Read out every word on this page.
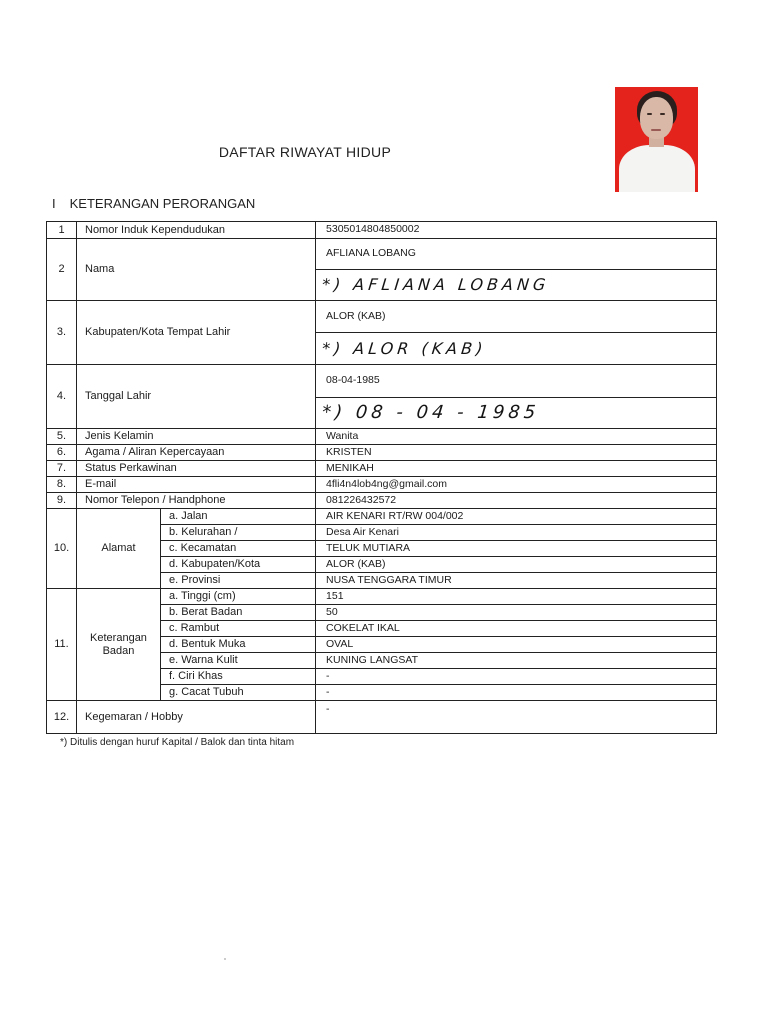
DAFTAR RIWAYAT HIDUP
I KETERANGAN PERORANGAN
1	Nomor Induk Kependudukan		5305014804850002
2	Nama		AFLIANA LOBANG
			*) AFLIANA LOBANG
3.	Kabupaten/Kota Tempat Lahir		ALOR (KAB)
			*) ALOR (KAB)
4.	Tanggal Lahir		08-04-1985
			*) 08 - 04 - 1985
5.	Jenis Kelamin		Wanita
6.	Agama / Aliran Kepercayaan		KRISTEN
7.	Status Perkawinan		MENIKAH
8.	E-mail		4fli4n4lob4ng@gmail.com
9.	Nomor Telepon / Handphone		081226432572
10.	Alamat	a. Jalan	AIR KENARI RT/RW 004/002
		b. Kelurahan /	Desa Air Kenari
		c. Kecamatan	TELUK MUTIARA
		d. Kabupaten/Kota	ALOR (KAB)
		e. Provinsi	NUSA TENGGARA TIMUR
11.	Keterangan
Badan	a. Tinggi (cm)	151
		b. Berat Badan	50
		c. Rambut	COKELAT IKAL
		d. Bentuk Muka	OVAL
		e. Warna Kulit	KUNING LANGSAT
		f. Ciri Khas	-
		g. Cacat Tubuh	-
12.	Kegemaran / Hobby		-
*) Ditulis dengan huruf Kapital / Balok dan tinta hitam
